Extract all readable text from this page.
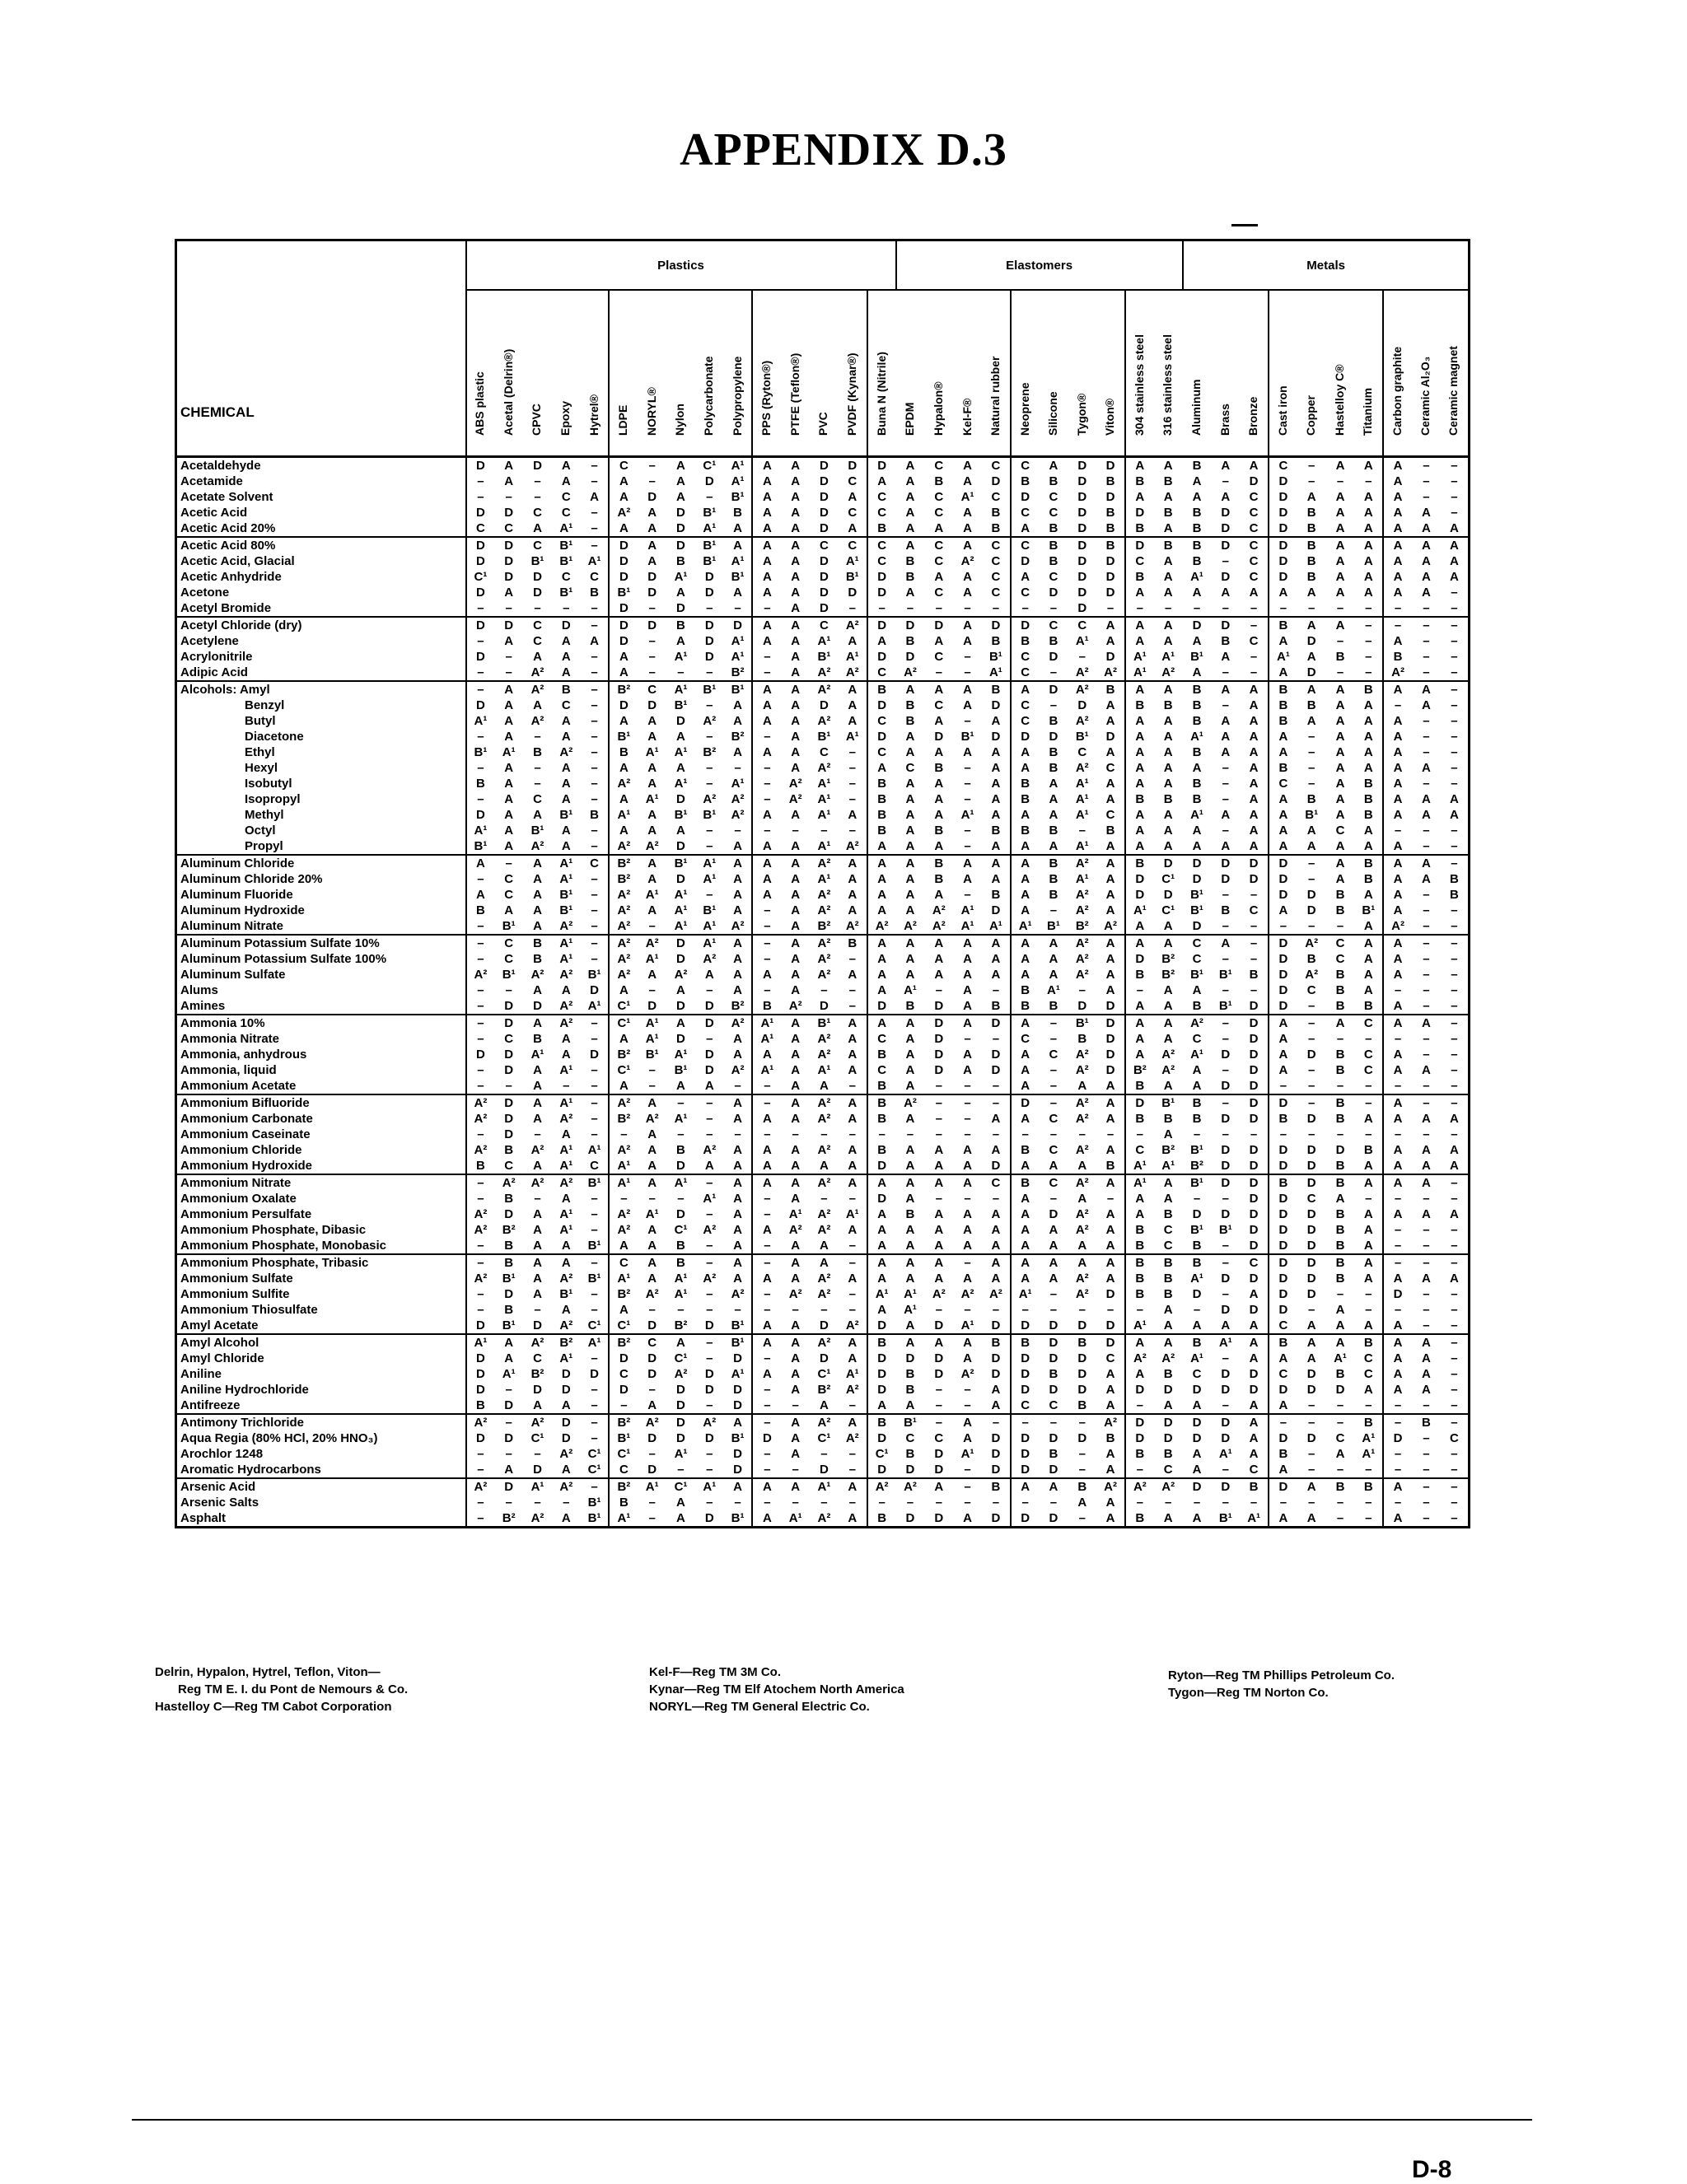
APPENDIX D.3
CHEMICAL	Plastics															Elastomers										Metals	

	ABS plastic	Acetal (Delrin®)	CPVC	Epoxy	Hytrel®	LDPE	NORYL®	Nylon	Polycarbonate	Polypropylene	PPS (Ryton®)	PTFE (Teflon®)	PVC	PVDF (Kynar®)	Buna N (Nitrile)	EPDM	Hypalon®	Kel-F®	Natural rubber	Neoprene	Silicone	Tygon®	Viton®	304 stainless steel	316 stainless steel	Aluminum	Brass	Bronze	Cast iron	Copper	Hastelloy C®	Titanium	Carbon graphite	Ceramic Al₂O₃	Ceramic magnet	

Acetaldehyde	D	A	D	A	–	C	–	A	C¹	A¹	A	A	D	D	D	A	C	A	C	C	A	D	D	A	A	B	A	A	C	–	A	A	A	–	–	
Acetamide	–	A	–	A	–	A	–	A	D	A¹	A	A	D	C	A	A	B	A	D	B	B	D	B	B	B	A	–	D	D	–	–	–	A	–	–	
Acetate Solvent	–	–	–	C	A	A	D	A	–	B¹	A	A	D	A	C	A	C	A¹	C	D	C	D	D	A	A	A	A	C	D	A	A	A	A	–	–	
Acetic Acid	D	D	C	C	–	A²	A	D	B¹	B	A	A	D	C	C	A	C	A	B	C	C	D	B	D	B	B	D	C	D	B	A	A	A	A	–	
Acetic Acid 20%	C	C	A	A¹	–	A	A	D	A¹	A	A	A	D	A	B	A	A	A	B	A	B	D	B	B	A	B	D	C	D	B	A	A	A	A	A	
Acetic Acid 80%	D	D	C	B¹	–	D	A	D	B¹	A	A	A	C	C	C	A	C	A	C	C	B	D	B	D	B	B	D	C	D	B	A	A	A	A	A	
Acetic Acid, Glacial	D	D	B¹	B¹	A¹	D	A	B	B¹	A¹	A	A	D	A¹	C	B	C	A²	C	D	B	D	D	C	A	B	–	C	D	B	A	A	A	A	A	
Acetic Anhydride	C¹	D	D	C	C	D	D	A¹	D	B¹	A	A	D	B¹	D	B	A	A	C	A	C	D	D	B	A	A¹	D	C	D	B	A	A	A	A	A	
Acetone	D	A	D	B¹	B	B¹	D	A	D	A	A	A	D	D	D	A	C	A	C	C	D	D	D	A	A	A	A	A	A	A	A	A	A	A	–	
Acetyl Bromide	–	–	–	–	–	D	–	D	–	–	–	A	D	–	–	–	–	–	–	–	–	D	–	–	–	–	–	–	–	–	–	–	–	–	–	
Acetyl Chloride (dry)	D	D	C	D	–	D	D	B	D	D	A	A	C	A²	D	D	D	A	D	D	C	C	A	A	A	D	D	–	B	A	A	–	–	–	–	
Acetylene	–	A	C	A	A	D	–	A	D	A¹	A	A	A¹	A	A	B	A	A	B	B	B	A¹	A	A	A	A	B	C	A	D	–	–	A	–	–	
Acrylonitrile	D	–	A	A	–	A	–	A¹	D	A¹	–	A	B¹	A¹	D	D	C	–	B¹	C	D	–	D	A¹	A¹	B¹	A	–	A¹	A	B	–	B	–	–	
Adipic Acid	–	–	A²	A	–	A	–	–	–	B²	–	A	A²	A²	C	A²	–	–	A¹	C	–	A²	A²	A¹	A²	A	–	–	A	D	–	–	A²	–	–	
Alcohols: Amyl	–	A	A²	B	–	B²	C	A¹	B¹	B¹	A	A	A²	A	B	A	A	A	B	A	D	A²	B	A	A	B	A	A	B	A	A	B	A	A	–	
Benzyl	D	A	A	C	–	D	D	B¹	–	A	A	A	D	A	D	B	C	A	D	C	–	D	A	B	B	B	–	A	B	B	A	A	–	A	–	
Butyl	A¹	A	A²	A	–	A	A	D	A²	A	A	A	A²	A	C	B	A	–	A	C	B	A²	A	A	A	B	A	A	B	A	A	A	A	–	–	
Diacetone	–	A	–	A	–	B¹	A	A	–	B²	–	A	B¹	A¹	D	A	D	B¹	D	D	D	B¹	D	A	A	A¹	A	A	A	–	A	A	A	–	–	
Ethyl	B¹	A¹	B	A²	–	B	A¹	A¹	B²	A	A	A	C	–	C	A	A	A	A	A	B	C	A	A	A	B	A	A	A	–	A	A	A	–	–	
Hexyl	–	A	–	A	–	A	A	A	–	–	–	A	A²	–	A	C	B	–	A	A	B	A²	C	A	A	A	–	A	B	–	A	A	A	A	–	
Isobutyl	B	A	–	A	–	A²	A	A¹	–	A¹	–	A²	A¹	–	B	A	A	–	A	B	A	A¹	A	A	A	B	–	A	C	–	A	B	A	–	–	
Isopropyl	–	A	C	A	–	A	A¹	D	A²	A²	–	A²	A¹	–	B	A	A	–	A	B	A	A¹	A	B	B	B	–	A	A	B	A	B	A	A	A	
Methyl	D	A	A	B¹	B	A¹	A	B¹	B¹	A²	A	A	A¹	A	B	A	A	A¹	A	A	A	A¹	C	A	A	A¹	A	A	A	B¹	A	B	A	A	A	
Octyl	A¹	A	B¹	A	–	A	A	A	–	–	–	–	–	–	B	A	B	–	B	B	B	–	B	A	A	A	–	A	A	A	C	A	–	–	–	
Propyl	B¹	A	A²	A	–	A²	A²	D	–	A	A	A	A¹	A²	A	A	A	–	A	A	A	A¹	A	A	A	A	A	A	A	A	A	A	A	–	–	
Aluminum Chloride	A	–	A	A¹	C	B²	A	B¹	A¹	A	A	A	A²	A	A	A	B	A	A	A	B	A²	A	B	D	D	D	D	D	–	A	B	A	A	–	
Aluminum Chloride 20%	–	C	A	A¹	–	B²	A	D	A¹	A	A	A	A¹	A	A	A	B	A	A	A	B	A¹	A	D	C¹	D	D	D	D	–	A	B	A	A	B	
Aluminum Fluoride	A	C	A	B¹	–	A²	A¹	A¹	–	A	A	A	A²	A	A	A	A	–	B	A	B	A²	A	D	D	B¹	–	–	D	D	B	A	A	–	B	
Aluminum Hydroxide	B	A	A	B¹	–	A²	A	A¹	B¹	A	–	A	A²	A	A	A	A²	A¹	D	A	–	A²	A	A¹	C¹	B¹	B	C	A	D	B	B¹	A	–	–	
Aluminum Nitrate	–	B¹	A	A²	–	A²	–	A¹	A¹	A²	–	A	B²	A²	A²	A²	A²	A¹	A¹	A¹	B¹	B²	A²	A	A	D	–	–	–	–	–	A	A²	–	–	
Aluminum Potassium Sulfate 10%	–	C	B	A¹	–	A²	A²	D	A¹	A	–	A	A²	B	A	A	A	A	A	A	A	A²	A	A	A	C	A	–	D	A²	C	A	A	–	–	
Aluminum Potassium Sulfate 100%	–	C	B	A¹	–	A²	A¹	D	A²	A	–	A	A²	–	A	A	A	A	A	A	A	A²	A	D	B²	C	–	–	D	B	C	A	A	–	–	
Aluminum Sulfate	A²	B¹	A²	A²	B¹	A²	A	A²	A	A	A	A	A²	A	A	A	A	A	A	A	A	A²	A	B	B²	B¹	B¹	B	D	A²	B	A	A	–	–	
Alums	–	–	A	A	D	A	–	A	–	A	–	A	–	–	A	A¹	–	A	–	B	A¹	–	A	–	A	A	–	–	D	C	B	A	–	–	–	
Amines	–	D	D	A²	A¹	C¹	D	D	D	B²	B	A²	D	–	D	B	D	A	B	B	B	D	D	A	A	B	B¹	D	D	–	B	B	A	–	–	
Ammonia 10%	–	D	A	A²	–	C¹	A¹	A	D	A²	A¹	A	B¹	A	A	A	D	A	D	A	–	B¹	D	A	A	A²	–	D	A	–	A	C	A	A	–	
Ammonia Nitrate	–	C	B	A	–	A	A¹	D	–	A	A¹	A	A²	A	C	A	D	–	–	C	–	B	D	A	A	C	–	D	A	–	–	–	–	–	–	
Ammonia, anhydrous	D	D	A¹	A	D	B²	B¹	A¹	D	A	A	A	A²	A	B	A	D	A	D	A	C	A²	D	A	A²	A¹	D	D	A	D	B	C	A	–	–	
Ammonia, liquid	–	D	A	A¹	–	C¹	–	B¹	D	A²	A¹	A	A¹	A	C	A	D	A	D	A	–	A²	D	B²	A²	A	–	D	A	–	B	C	A	A	–	
Ammonium Acetate	–	–	A	–	–	A	–	A	A	–	–	A	A	–	B	A	–	–	–	A	–	A	A	B	A	A	D	D	–	–	–	–	–	–	–	
Ammonium Bifluoride	A²	D	A	A¹	–	A²	A	–	–	A	–	A	A²	A	B	A²	–	–	–	D	–	A²	A	D	B¹	B	–	D	D	–	B	–	A	–	–	
Ammonium Carbonate	A²	D	A	A²	–	B²	A²	A¹	–	A	A	A	A²	A	B	A	–	–	A	A	C	A²	A	B	B	B	D	D	B	D	B	A	A	A	A	
Ammonium Caseinate	–	D	–	A	–	–	A	–	–	–	–	–	–	–	–	–	–	–	–	–	–	–	–	–	A	–	–	–	–	–	–	–	–	–	–	
Ammonium Chloride	A²	B	A²	A¹	A¹	A²	A	B	A²	A	A	A	A²	A	B	A	A	A	A	B	C	A²	A	C	B²	B¹	D	D	D	D	D	B	A	A	A	
Ammonium Hydroxide	B	C	A	A¹	C	A¹	A	D	A	A	A	A	A	A	D	A	A	A	D	A	A	A	B	A¹	A¹	B²	D	D	D	D	B	A	A	A	A	
Ammonium Nitrate	–	A²	A²	A²	B¹	A¹	A	A¹	–	A	A	A	A²	A	A	A	A	A	C	B	C	A²	A	A¹	A	B¹	D	D	B	D	B	A	A	A	–	
Ammonium Oxalate	–	B	–	A	–	–	–	–	A¹	A	–	A	–	–	D	A	–	–	–	A	–	A	–	A	A	–	–	D	D	C	A	–	–	–	–	
Ammonium Persulfate	A²	D	A	A¹	–	A²	A¹	D	–	A	–	A¹	A²	A¹	A	B	A	A	A	A	D	A²	A	A	B	D	D	D	D	D	B	A	A	A	A	
Ammonium Phosphate, Dibasic	A²	B²	A	A¹	–	A²	A	C¹	A²	A	A	A²	A²	A	A	A	A	A	A	A	A	A²	A	B	C	B¹	B¹	D	D	D	B	A	–	–	–	
Ammonium Phosphate, Monobasic	–	B	A	A	B¹	A	A	B	–	A	–	A	A	–	A	A	A	A	A	A	A	A	A	B	C	B	–	D	D	D	B	A	–	–	–	
Ammonium Phosphate, Tribasic	–	B	A	A	–	C	A	B	–	A	–	A	A	–	A	A	A	–	A	A	A	A	A	B	B	B	–	C	D	D	B	A	–	–	–	
Ammonium Sulfate	A²	B¹	A	A²	B¹	A¹	A	A¹	A²	A	A	A	A²	A	A	A	A	A	A	A	A	A²	A	B	B	A¹	D	D	D	D	B	A	A	A	A	
Ammonium Sulfite	–	D	A	B¹	–	B²	A²	A¹	–	A²	–	A²	A²	–	A¹	A¹	A²	A²	A²	A¹	–	A²	D	B	B	D	–	A	D	D	–	–	D	–	–	
Ammonium Thiosulfate	–	B	–	A	–	A	–	–	–	–	–	–	–	–	A	A¹	–	–	–	–	–	–	–	–	A	–	D	D	D	–	A	–	–	–	–	
Amyl Acetate	D	B¹	D	A²	C¹	C¹	D	B²	D	B¹	A	A	D	A²	D	A	D	A¹	D	D	D	D	D	A¹	A	A	A	A	C	A	A	A	A	–	–	
Amyl Alcohol	A¹	A	A²	B²	A¹	B²	C	A	–	B¹	A	A	A²	A	B	A	A	A	B	B	D	B	D	A	A	B	A¹	A	B	A	A	B	A	A	–	
Amyl Chloride	D	A	C	A¹	–	D	D	C¹	–	D	–	A	D	A	D	D	D	A	D	D	D	D	C	A²	A²	A¹	–	A	A	A	A¹	C	A	A	–	
Aniline	D	A¹	B²	D	D	C	D	A²	D	A¹	A	A	C¹	A¹	D	B	D	A²	D	D	B	D	A	A	B	C	D	D	C	D	B	C	A	A	–	
Aniline Hydrochloride	D	–	D	D	–	D	–	D	D	D	–	A	B²	A²	D	B	–	–	A	D	D	D	A	D	D	D	D	D	D	D	D	A	A	A	–	
Antifreeze	B	D	A	A	–	–	A	D	–	D	–	–	A	–	A	A	–	–	A	C	C	B	A	–	A	A	–	A	A	–	–	–	–	–	–	
Antimony Trichloride	A²	–	A²	D	–	B²	A²	D	A²	A	–	A	A²	A	B	B¹	–	A	–	–	–	–	A²	D	D	D	D	A	–	–	–	B	–	B	–	
Aqua Regia (80% HCl, 20% HNO₃)	D	D	C¹	D	–	B¹	D	D	D	B¹	D	A	C¹	A²	D	C	C	A	D	D	D	D	B	D	D	D	D	A	D	D	C	A¹	D	–	C	
Arochlor 1248	–	–	–	A²	C¹	C¹	–	A¹	–	D	–	A	–	–	C¹	B	D	A¹	D	D	B	–	A	B	B	A	A¹	A	B	–	A	A¹	–	–	–	
Aromatic Hydrocarbons	–	A	D	A	C¹	C	D	–	–	D	–	–	D	–	D	D	D	–	D	D	D	–	A	–	C	A	–	C	A	–	–	–	–	–	–	
Arsenic Acid	A²	D	A¹	A²	–	B²	A¹	C¹	A¹	A	A	A	A¹	A	A²	A²	A	–	B	A	A	B	A²	A²	A²	D	D	B	D	A	B	B	A	–	–	
Arsenic Salts	–	–	–	–	B¹	B	–	A	–	–	–	–	–	–	–	–	–	–	–	–	–	A	A	–	–	–	–	–	–	–	–	–	–	–	–	
Asphalt	–	B²	A²	A	B¹	A¹	–	A	D	B¹	A	A¹	A²	A	B	D	D	A	D	D	D	–	A	B	A	A	B¹	A¹	A	A	–	–	A	–	–	
Delrin, Hypalon, Hytrel, Teflon, Viton—
Reg TM E. I. du Pont de Nemours & Co.
Hastelloy C—Reg TM Cabot Corporation
Kel-F—Reg TM 3M Co.
Kynar—Reg TM Elf Atochem North America
NORYL—Reg TM General Electric Co.
Ryton—Reg TM Phillips Petroleum Co.
Tygon—Reg TM Norton Co.
D-8
